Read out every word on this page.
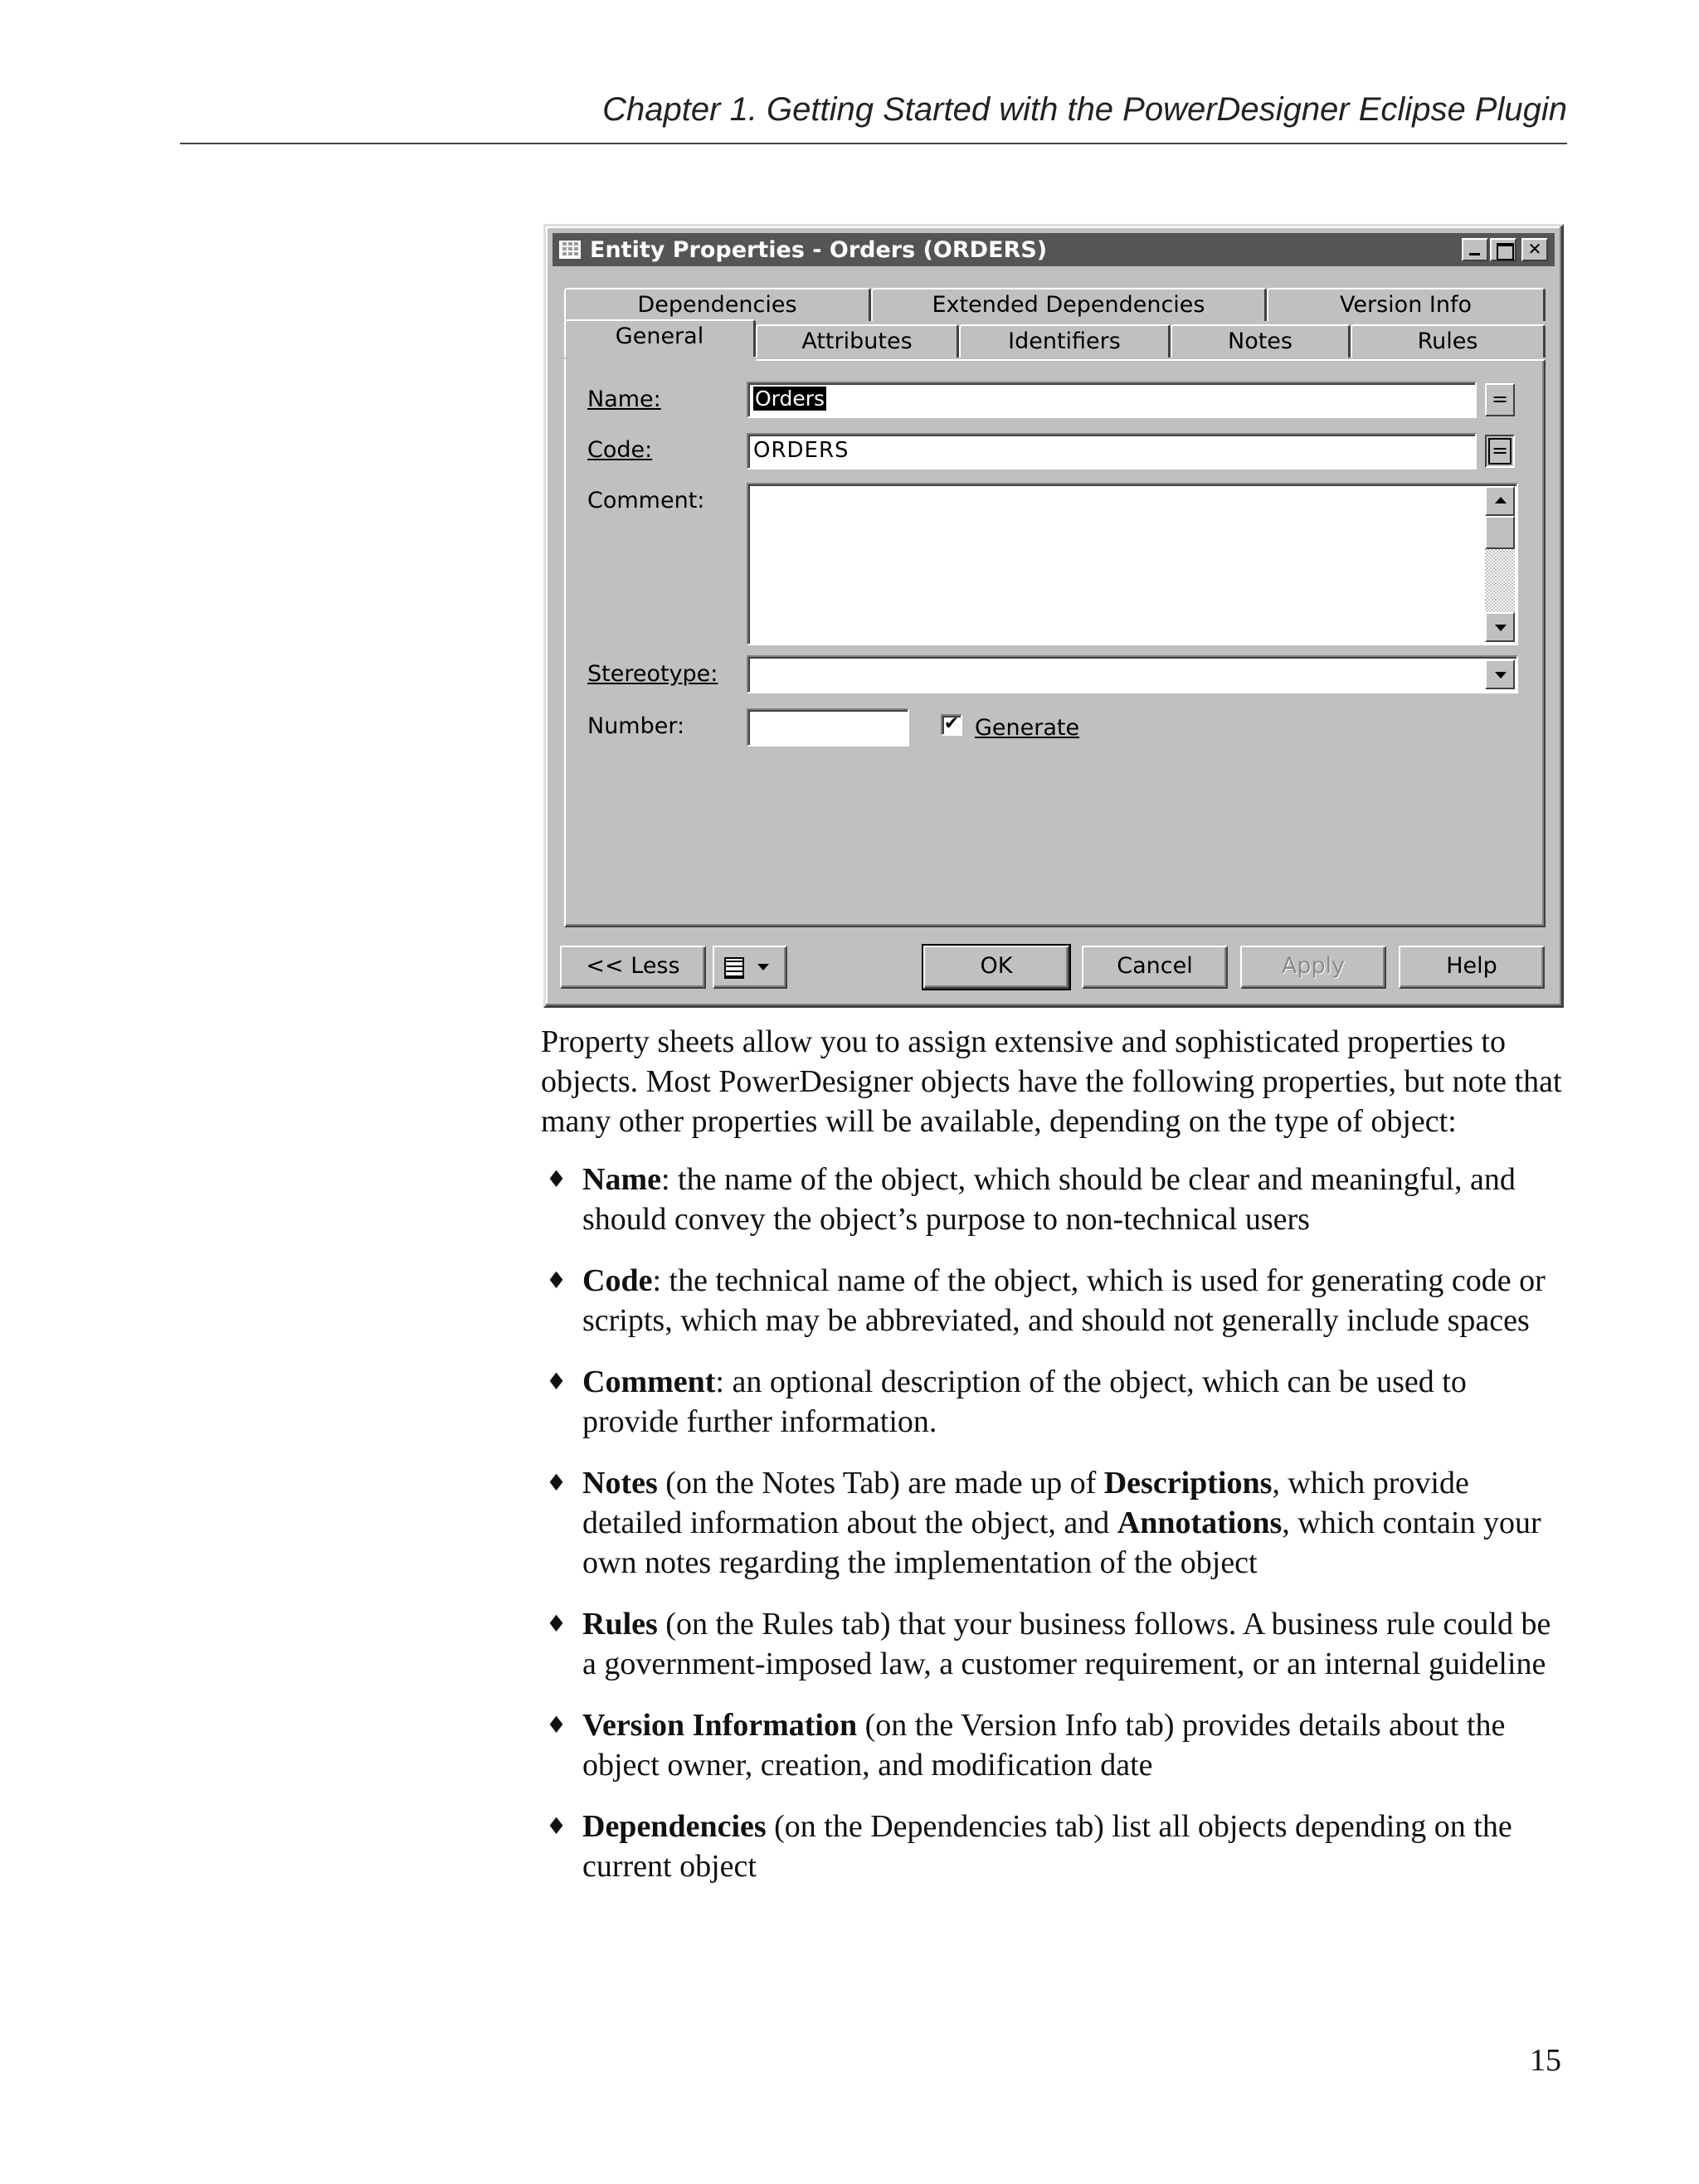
Chapter 1. Getting Started with the PowerDesigner Eclipse Plugin
Entity Properties - Orders (ORDERS)	✕
Dependencies	Extended Dependencies	Version Info
General	Attributes	Identifiers	Notes	Rules
Name:	Orders	=
Code:	ORDERS	=
Comment:
Stereotype:
Number:	✔ Generate
<< Less	OK	Cancel	Apply	Help

Property sheets allow you to assign extensive and sophisticated properties to objects. Most PowerDesigner objects have the following properties, but note that many other properties will be available, depending on the type of object:

♦ Name: the name of the object, which should be clear and meaningful, and should convey the object’s purpose to non-technical users
♦ Code: the technical name of the object, which is used for generating code or scripts, which may be abbreviated, and should not generally include spaces
♦ Comment: an optional description of the object, which can be used to provide further information.
♦ Notes (on the Notes Tab) are made up of Descriptions, which provide detailed information about the object, and Annotations, which contain your own notes regarding the implementation of the object
♦ Rules (on the Rules tab) that your business follows. A business rule could be a government-imposed law, a customer requirement, or an internal guideline
♦ Version Information (on the Version Info tab) provides details about the object owner, creation, and modification date
♦ Dependencies (on the Dependencies tab) list all objects depending on the current object
15
